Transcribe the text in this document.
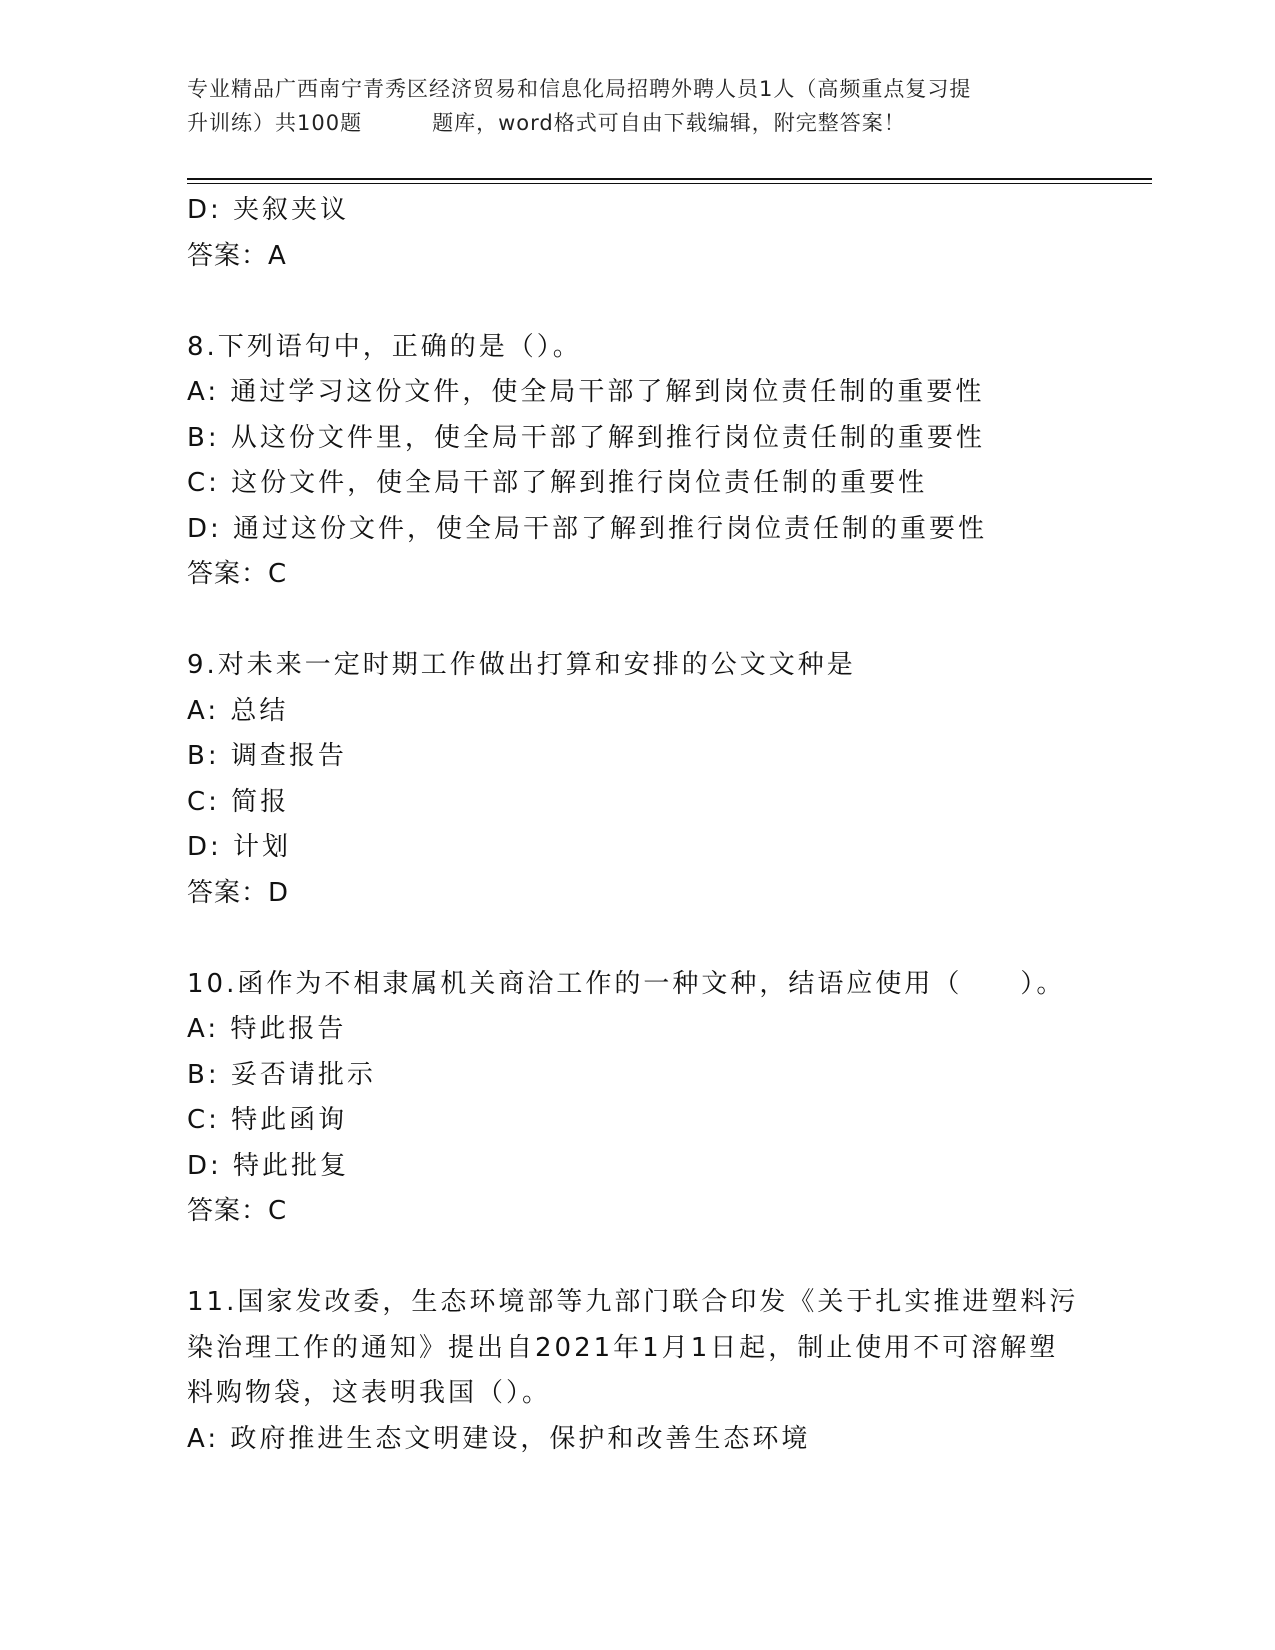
专业精品广西南宁青秀区经济贸易和信息化局招聘外聘人员1人（高频重点复习提
升训练）共100题	题库，word格式可自由下载编辑，附完整答案！
D: 夹叙夹议
答案：A
8.下列语句中，正确的是（）。
A: 通过学习这份文件，使全局干部了解到岗位责任制的重要性
B: 从这份文件里，使全局干部了解到推行岗位责任制的重要性
C: 这份文件，使全局干部了解到推行岗位责任制的重要性
D: 通过这份文件，使全局干部了解到推行岗位责任制的重要性
答案：C
9.对未来一定时期工作做出打算和安排的公文文种是
A: 总结
B: 调查报告
C: 简报
D: 计划
答案：D
10.函作为不相隶属机关商洽工作的一种文种，结语应使用（　　）。
A: 特此报告
B: 妥否请批示
C: 特此函询
D: 特此批复
答案：C
11.国家发改委，生态环境部等九部门联合印发《关于扎实推进塑料污
染治理工作的通知》提出自2021年1月1日起，制止使用不可溶解塑
料购物袋，这表明我国（）。
A: 政府推进生态文明建设，保护和改善生态环境
